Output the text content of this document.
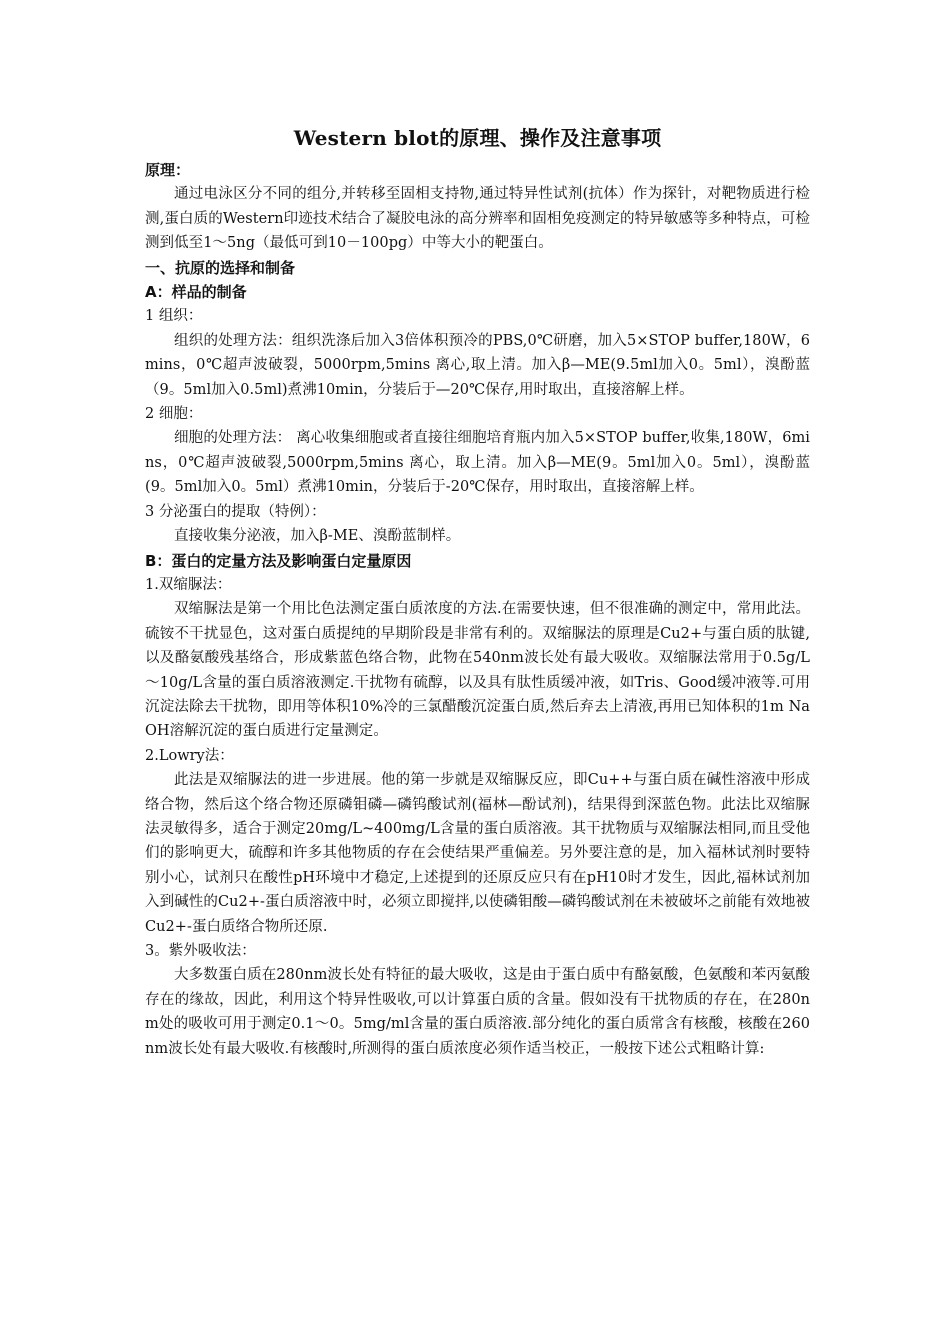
Western blot的原理、操作及注意事项
原理：

通过电泳区分不同的组分,并转移至固相支持物,通过特异性试剂(抗体）作为探针，对靶物质进行检测,蛋白质的Western印迹技术结合了凝胶电泳的高分辨率和固相免疫测定的特异敏感等多种特点，可检测到低至1～5ng（最低可到10－100pg）中等大小的靶蛋白。

一、抗原的选择和制备
A：样品的制备
1 组织：

组织的处理方法：组织洗涤后加入3倍体积预冷的PBS,0℃研磨，加入5×STOP buffer,180W，6mins，0℃超声波破裂，5000rpm,5mins 离心,取上清。加入β—ME(9.5ml加入0。5ml），溴酚蓝（9。5ml加入0.5ml)煮沸10min，分装后于—20℃保存,用时取出，直接溶解上样。

2 细胞：

细胞的处理方法： 离心收集细胞或者直接往细胞培育瓶内加入5×STOP buffer,收集,180W，6mins，0℃超声波破裂,5000rpm,5mins 离心，取上清。加入β—ME(9。5ml加入0。5ml），溴酚蓝(9。5ml加入0。5ml）煮沸10min，分装后于-20℃保存，用时取出，直接溶解上样。

3 分泌蛋白的提取（特例）：

直接收集分泌液，加入β-ME、溴酚蓝制样。

B：蛋白的定量方法及影响蛋白定量原因
1.双缩脲法：

双缩脲法是第一个用比色法测定蛋白质浓度的方法.在需要快速，但不很准确的测定中，常用此法。硫铵不干扰显色，这对蛋白质提纯的早期阶段是非常有利的。双缩脲法的原理是Cu2+与蛋白质的肽键,以及酪氨酸残基络合，形成紫蓝色络合物，此物在540nm波长处有最大吸收。双缩脲法常用于0.5g/L～10g/L含量的蛋白质溶液测定.干扰物有硫醇，以及具有肽性质缓冲液，如Tris、Good缓冲液等.可用沉淀法除去干扰物，即用等体积10%冷的三氯醋酸沉淀蛋白质,然后弃去上清液,再用已知体积的1m NaOH溶解沉淀的蛋白质进行定量测定。

2.Lowry法：

此法是双缩脲法的进一步进展。他的第一步就是双缩脲反应，即Cu++与蛋白质在碱性溶液中形成络合物，然后这个络合物还原磷钼磷—磷钨酸试剂(福林—酚试剂)，结果得到深蓝色物。此法比双缩脲法灵敏得多，适合于测定20mg/L~400mg/L含量的蛋白质溶液。其干扰物质与双缩脲法相同,而且受他们的影响更大，硫醇和许多其他物质的存在会使结果严重偏差。另外要注意的是，加入福林试剂时要特别小心，试剂只在酸性pH环境中才稳定,上述提到的还原反应只有在pH10时才发生，因此,福林试剂加入到碱性的Cu2+-蛋白质溶液中时，必须立即搅拌,以使磷钼酸—磷钨酸试剂在未被破坏之前能有效地被Cu2+-蛋白质络合物所还原.

3。紫外吸收法：

大多数蛋白质在280nm波长处有特征的最大吸收，这是由于蛋白质中有酪氨酸，色氨酸和苯丙氨酸存在的缘故，因此，利用这个特异性吸收,可以计算蛋白质的含量。假如没有干扰物质的存在，在280nm处的吸收可用于测定0.1～0。5mg/ml含量的蛋白质溶液.部分纯化的蛋白质常含有核酸，核酸在260nm波长处有最大吸收.有核酸时,所测得的蛋白质浓度必须作适当校正，一般按下述公式粗略计算:
